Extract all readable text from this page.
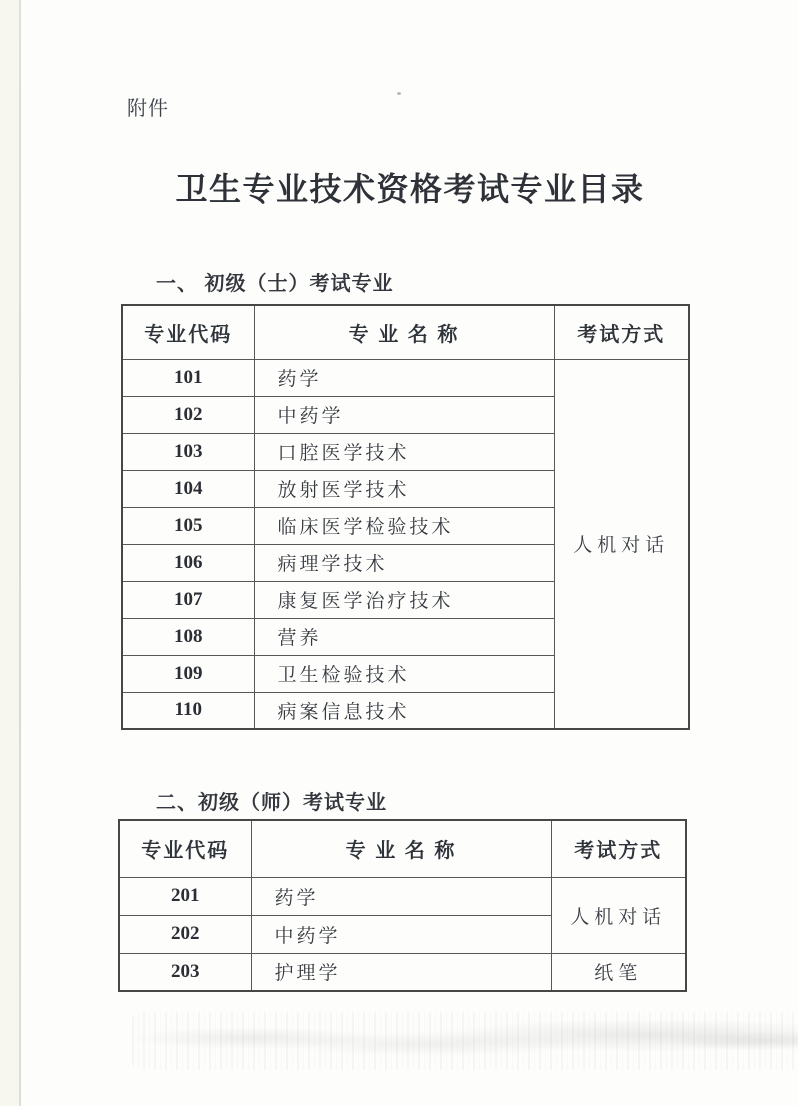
附件
卫生专业技术资格考试专业目录
一、 初级（士）考试专业
专业代码	专 业 名 称	考试方式
101	药学	人机对话
102	中药学	
103	口腔医学技术	
104	放射医学技术	
105	临床医学检验技术	
106	病理学技术	
107	康复医学治疗技术	
108	营养	
109	卫生检验技术	
110	病案信息技术	
二、初级（师）考试专业
专业代码	专 业 名 称	考试方式
201	药学	人机对话
202	中药学	
203	护理学	纸笔
